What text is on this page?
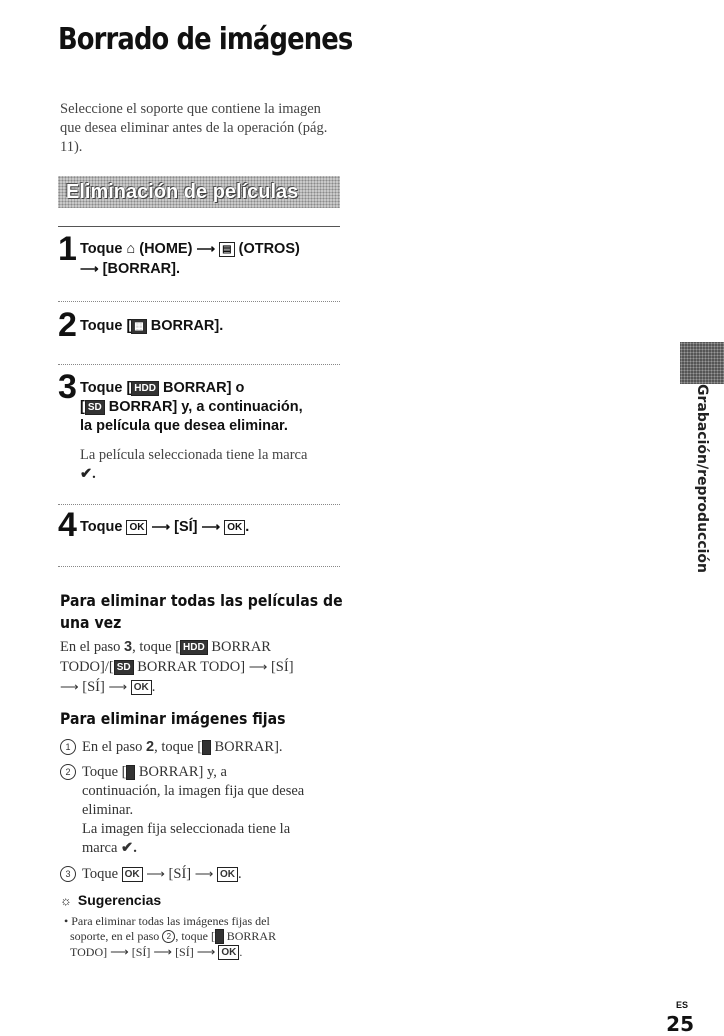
Borrado de imágenes
Seleccione el soporte que contiene la imagen que desea eliminar antes de la operación (pág. 11).
Eliminación de películas
1 Toque ⌂ (HOME) ⟶ ▤ (OTROS)
⟶ [BORRAR].
2 Toque [ ▦ BORRAR].
3 Toque [ HDD BORRAR] o
[ SD BORRAR] y, a continuación,
la película que desea eliminar.
La película seleccionada tiene la marca
✔.
4 Toque OK ⟶ [SÍ] ⟶ OK .
Para eliminar todas las películas de
una vez
En el paso 3, toque [ HDD BORRAR
TODO]/[ SD BORRAR TODO] ⟶ [SÍ]
⟶ [SÍ] ⟶ OK .
Para eliminar imágenes fijas
1 En el paso 2, toque [ BORRAR].
2 Toque [ BORRAR] y, a
continuación, la imagen fija que desea
eliminar.
La imagen fija seleccionada tiene la
marca ✔.
3 Toque OK ⟶ [SÍ] ⟶ OK .
☼ Sugerencias
• Para eliminar todas las imágenes fijas del
soporte, en el paso 2 , toque [ BORRAR
TODO] ⟶ [SÍ] ⟶ [SÍ] ⟶ OK .
Grabación/reproducción
ES
25
